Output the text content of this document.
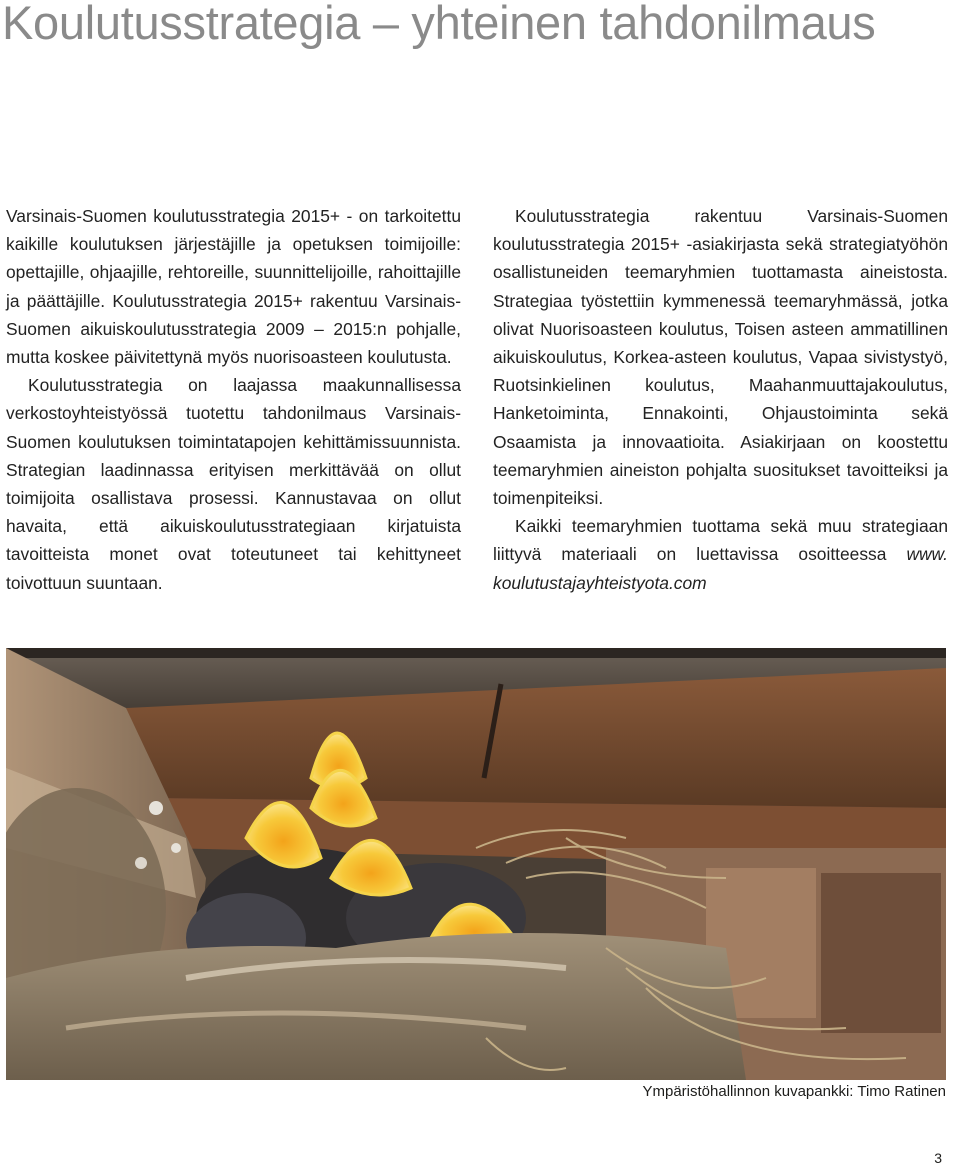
Koulutusstrategia – yhteinen tahdonilmaus

Varsinais-Suomen koulutusstrategia 2015+ - on tarkoitettu kaikille koulutuksen järjestäjille ja opetuksen toimijoille: opettajille, ohjaajille, rehtoreille, suunnittelijoille, rahoittajille ja päättäjille. Koulutusstrategia 2015+ rakentuu Varsinais-Suomen aikuiskoulutusstrategia 2009 – 2015:n pohjalle, mutta koskee päivitettynä myös nuorisoasteen koulutusta.

Koulutusstrategia on laajassa maakunnallisessa verkostoyhteistyössä tuotettu tahdonilmaus Varsinais-Suomen koulutuksen toimintatapojen kehittämissuunnista. Strategian laadinnassa erityisen merkittävää on ollut toimijoita osallistava prosessi. Kannustavaa on ollut havaita, että aikuiskoulutusstrategiaan kirjatuista tavoitteista monet ovat toteutuneet tai kehittyneet toivottuun suuntaan.

Koulutusstrategia rakentuu Varsinais-Suomen koulutusstrategia 2015+ -asiakirjasta sekä strategiatyöhön osallistuneiden teemaryhmien tuottamasta aineistosta. Strategiaa työstettiin kymmenessä teemaryhmässä, jotka olivat Nuorisoasteen koulutus, Toisen asteen ammatillinen aikuiskoulutus, Korkea-asteen koulutus, Vapaa sivistystyö, Ruotsinkielinen koulutus, Maahanmuuttajakoulutus, Hanketoiminta, Ennakointi, Ohjaustoiminta sekä Osaamista ja innovaatioita. Asiakirjaan on koostettu teemaryhmien aineiston pohjalta suositukset tavoitteiksi ja toimenpiteiksi.

Kaikki teemaryhmien tuottama sekä muu strategiaan liittyvä materiaali on luettavissa osoitteessa www. koulutustajayhteistyota.com

Ympäristöhallinnon kuvapankki: Timo Ratinen
3
